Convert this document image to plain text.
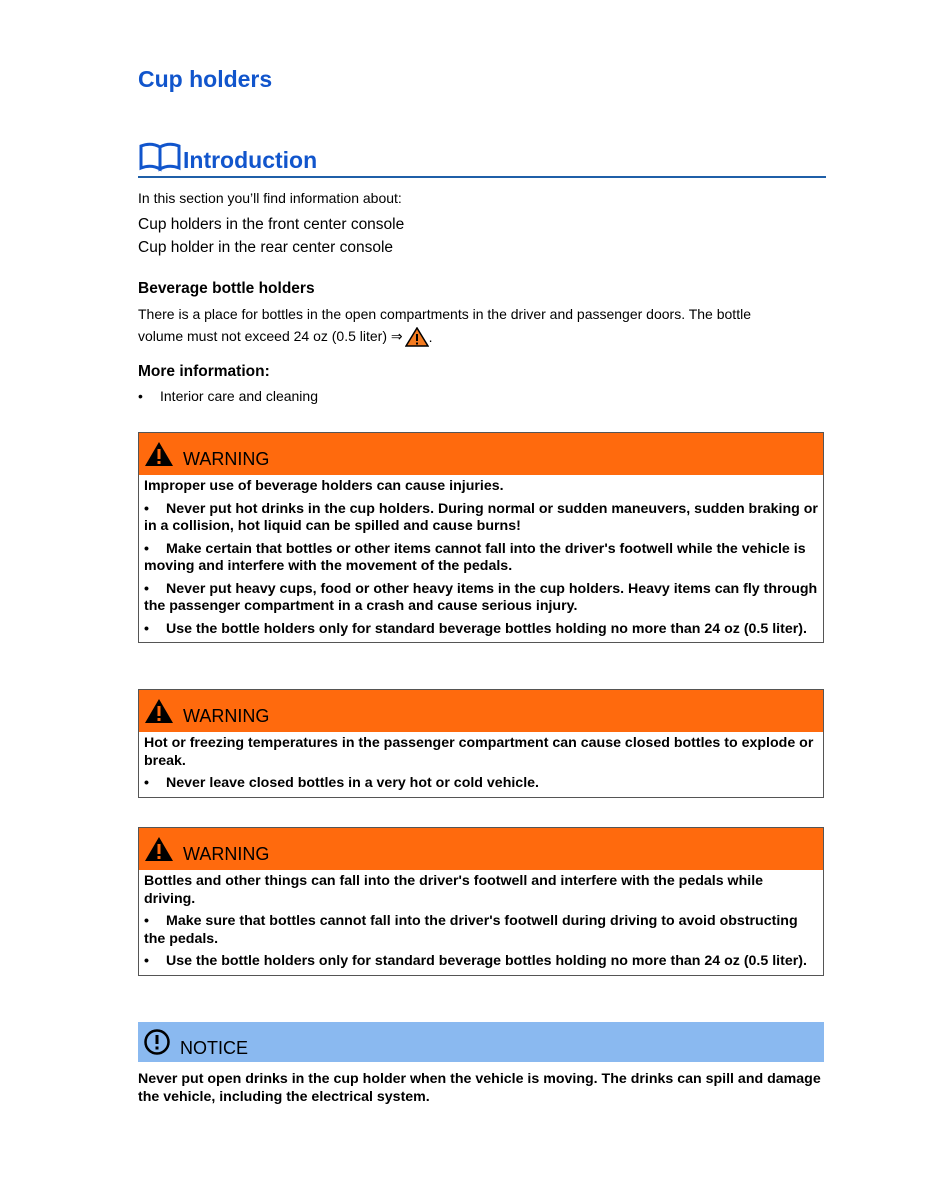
Cup holders
Introduction

In this section you’ll find information about:

Cup holders in the front center console

Cup holder in the rear center console

Beverage bottle holders

There is a place for bottles in the open compartments in the driver and passenger doors. The bottle

volume must not exceed 24 oz (0.5 liter) ⇒ .

More information:

• Interior care and cleaning
WARNING

Improper use of beverage holders can cause injuries.

• Never put hot drinks in the cup holders. During normal or sudden maneuvers, sudden braking or in a collision, hot liquid can be spilled and cause burns!

• Make certain that bottles or other items cannot fall into the driver's footwell while the vehicle is moving and interfere with the movement of the pedals.

• Never put heavy cups, food or other heavy items in the cup holders. Heavy items can fly through the passenger compartment in a crash and cause serious injury.

• Use the bottle holders only for standard beverage bottles holding no more than 24 oz (0.5 liter).

WARNING

Hot or freezing temperatures in the passenger compartment can cause closed bottles to explode or break.

• Never leave closed bottles in a very hot or cold vehicle.

WARNING

Bottles and other things can fall into the driver's footwell and interfere with the pedals while driving.

• Make sure that bottles cannot fall into the driver's footwell during driving to avoid obstructing the pedals.

• Use the bottle holders only for standard beverage bottles holding no more than 24 oz (0.5 liter).

NOTICE

Never put open drinks in the cup holder when the vehicle is moving. The drinks can spill and damage the vehicle, including the electrical system.
